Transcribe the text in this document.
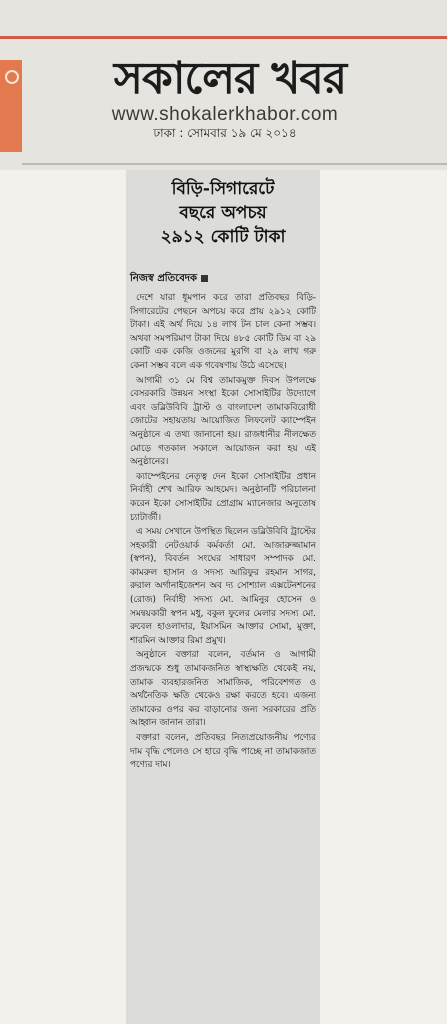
সকালের খবর
www.shokalerkhabor.com
ঢাকা : সোমবার ১৯ মে ২০১৪
বিড়ি-সিগারেটে
বছরে অপচয়
২৯১২ কোটি টাকা
নিজস্ব প্রতিবেদক

দেশে যারা ধূমপান করে তারা প্রতিবছর বিড়ি-সিগারেটের পেছনে অপচয় করে প্রায় ২৯১২ কোটি টাকা। এই অর্থ দিয়ে ১৪ লাখ টন চাল কেনা সম্ভব। অথবা সমপরিমাণ টাকা দিয়ে ৪৮৫ কোটি ডিম বা ২৯ কোটি এক কেজি ওজনের মুরগি বা ২৯ লাখ গরু কেনা সম্ভব বলে এক গবেষণায় উঠে এসেছে।

আগামী ৩১ মে বিশ্ব তামাকমুক্ত দিবস উপলক্ষে বেসরকারি উন্নয়ন সংস্থা ইকো সোসাইটির উদ্যোগে এবং ডব্লিউবিবি ট্রাস্ট ও বাংলাদেশ তামাকবিরোধী জোটের সহায়তায় আয়োজিত লিফলেট ক্যাম্পেইন অনুষ্ঠানে এ তথ্য জানানো হয়। রাজধানীর নীলক্ষেত মোড়ে গতকাল সকালে আয়োজন করা হয় এই অনুষ্ঠানের।

ক্যাম্পেইনের নেতৃত্ব দেন ইকো সোসাইটির প্রধান নির্বাহী শেখ আরিফ আহমেদ। অনুষ্ঠানটি পরিচালনা করেন ইকো সোসাইটির প্রোগ্রাম ম্যানেজার অনুতোষ চ্যাটার্জী।

এ সময় সেখানে উপস্থিত ছিলেন ডব্লিউবিবি ট্রাস্টের সহকারী নেটওয়ার্ক কর্মকর্তা মো. আজারুজ্জামান (স্বপন), বিবর্তন সংঘের সাধারণ সম্পাদক মো. কামরুল হাসান ও সদস্য আরিফুর রহমান সাগর, রুরাল অর্গানাইজেশন অব দ্য সোশ্যাল এক্সটেনশনের (রোজ) নির্বাহী সদস্য মো. আমিনুর হোসেন ও সমন্বয়কারী স্বপন মধু, বকুল ফুলের মেলার সদস্য মো. রুবেল হাওলাদার, ইয়াসমিন আক্তার সোমা, মুক্তা, শারমিন আক্তার রিমা প্রমুখ।

অনুষ্ঠানে বক্তারা বলেন, বর্তমান ও আগামী প্রজন্মকে শুধু তামাকজনিত স্বাস্থ্যক্ষতি থেকেই নয়, তামাক ব্যবহারজনিত সামাজিক, পরিবেশগত ও অর্থনৈতিক ক্ষতি থেকেও রক্ষা করতে হবে। এজন্য তামাকের ওপর কর বাড়ানোর জন্য সরকারের প্রতি আহ্বান জানান তারা।

বক্তারা বলেন, প্রতিবছর নিত্যপ্রয়োজনীয় পণ্যের দাম বৃদ্ধি পেলেও সে হারে বৃদ্ধি পাচ্ছে না তামাকজাত পণ্যের দাম।
